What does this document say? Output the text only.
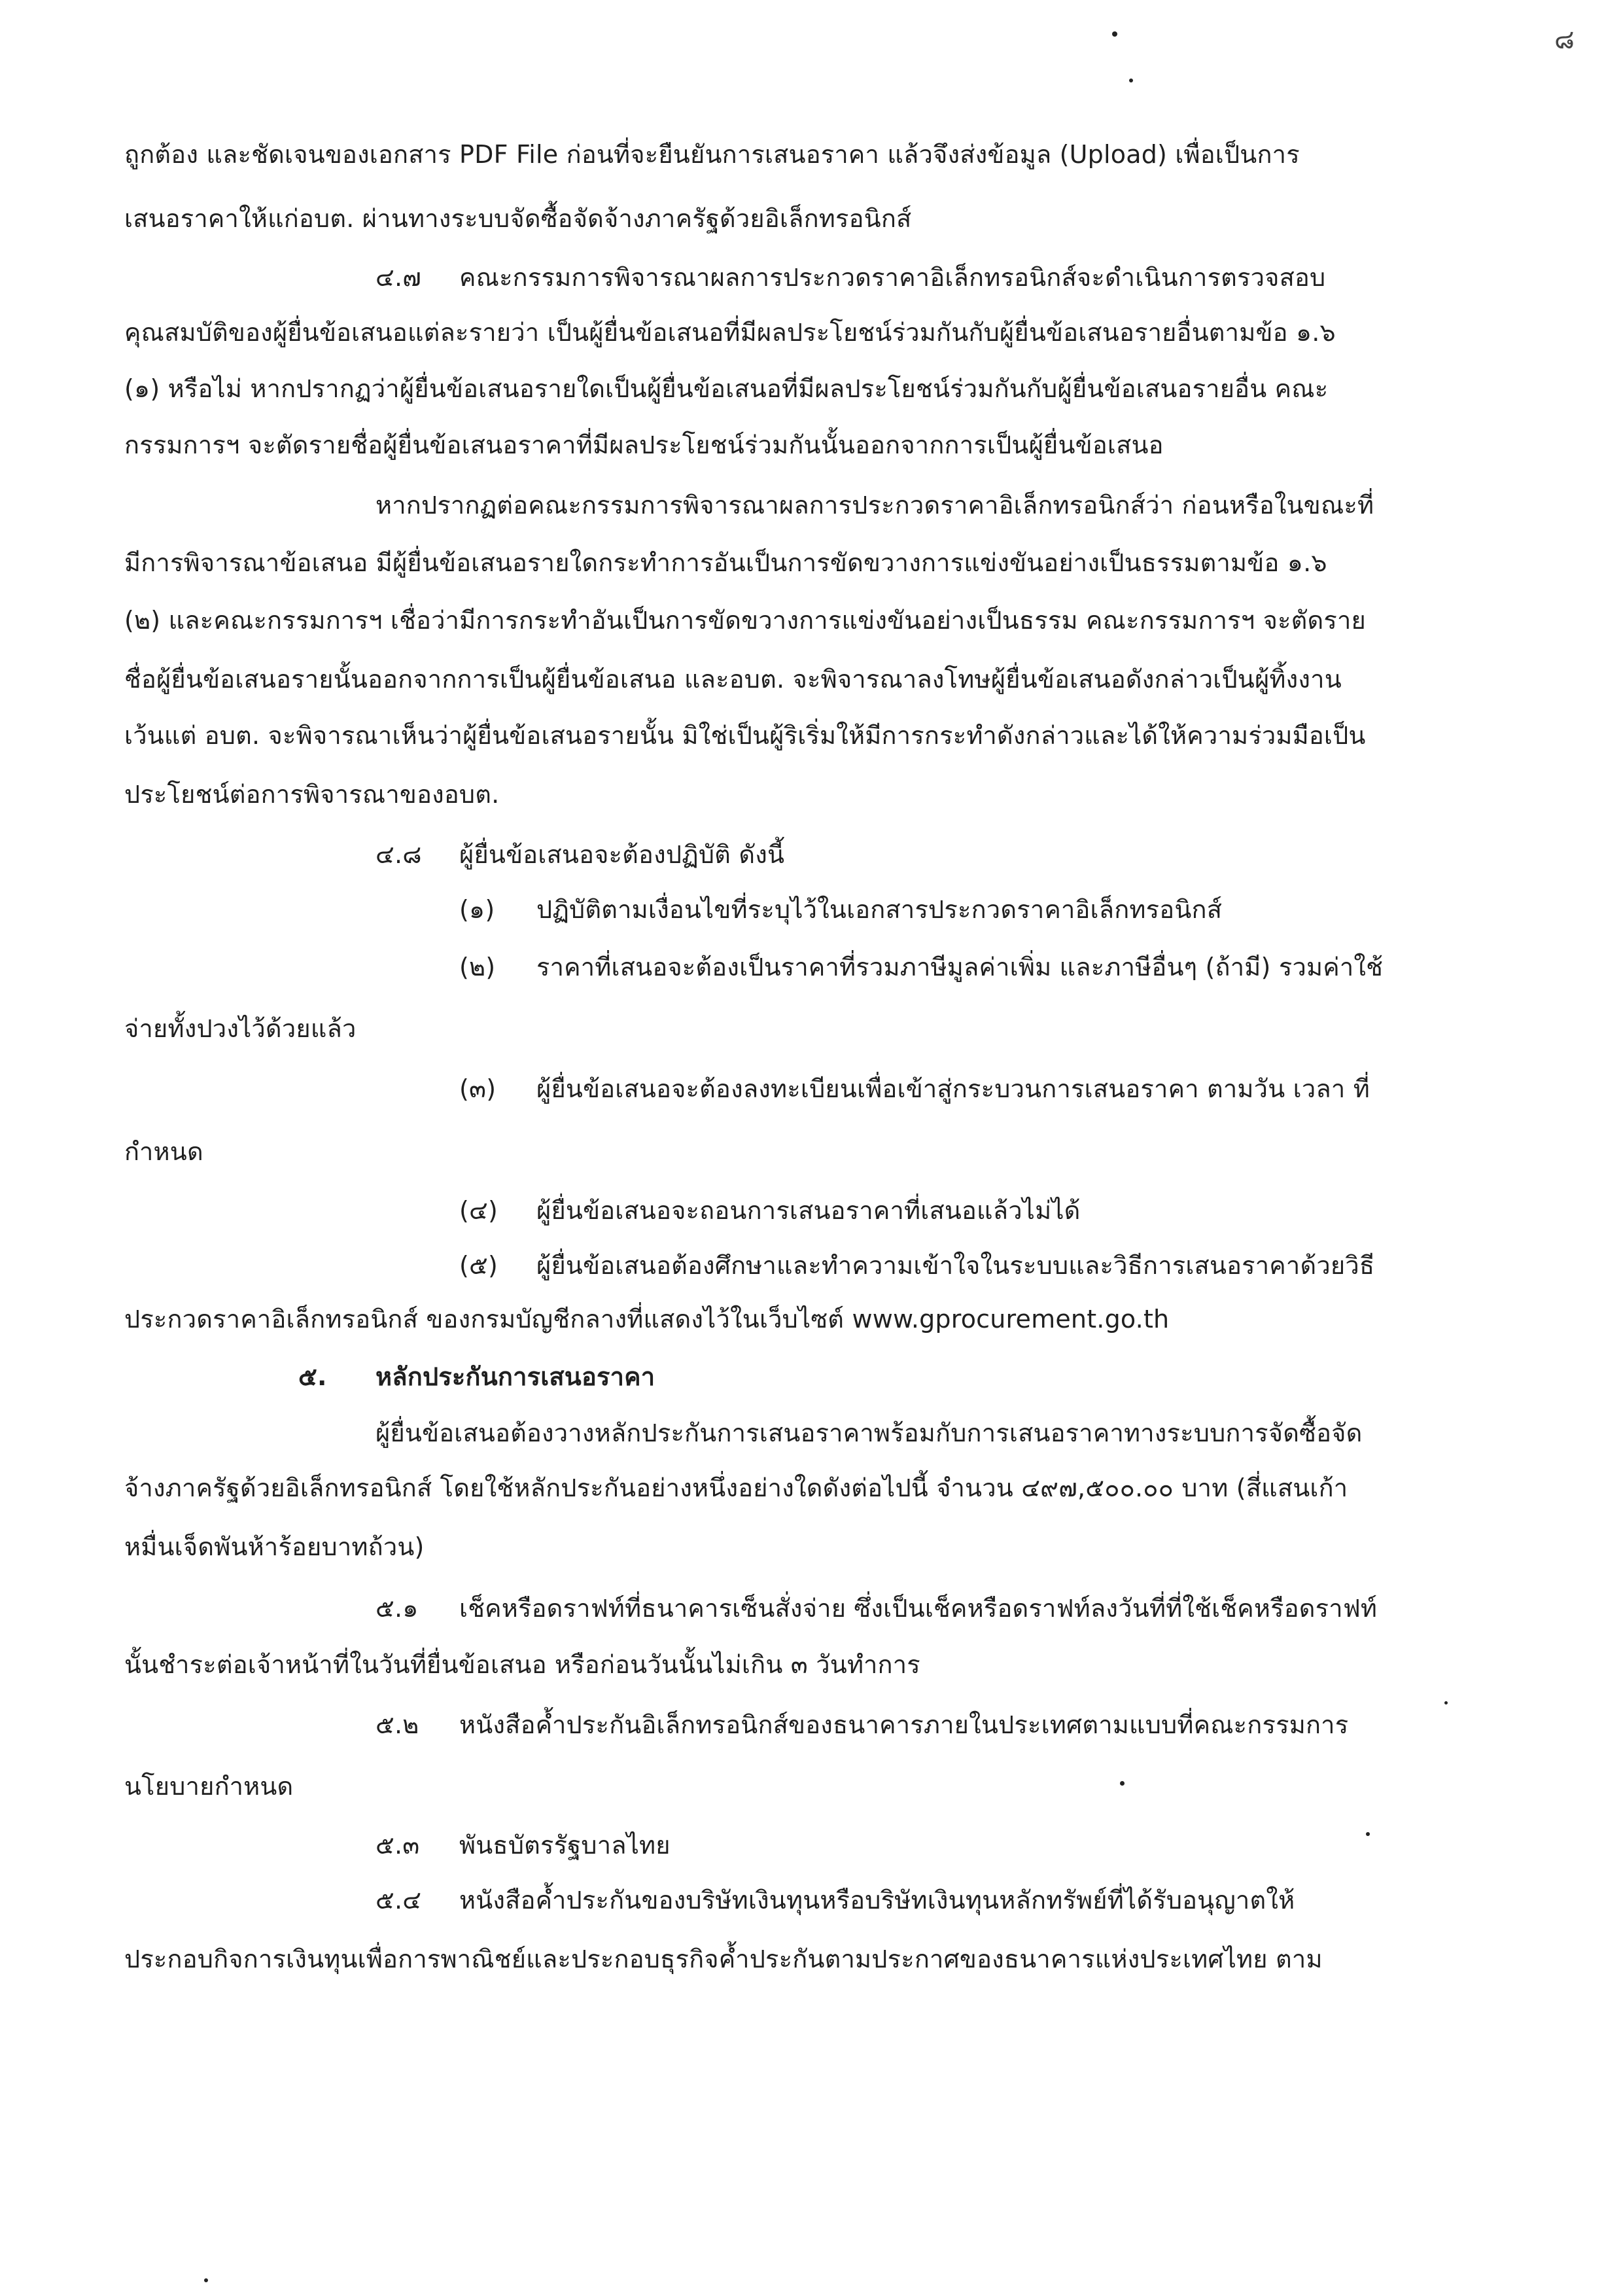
๘
ถูกต้อง และชัดเจนของเอกสาร PDF File ก่อนที่จะยืนยันการเสนอราคา แล้วจึงส่งข้อมูล (Upload) เพื่อเป็นการ
เสนอราคาให้แก่อบต. ผ่านทางระบบจัดซื้อจัดจ้างภาครัฐด้วยอิเล็กทรอนิกส์
๔.๗ คณะกรรมการพิจารณาผลการประกวดราคาอิเล็กทรอนิกส์จะดำเนินการตรวจสอบ
คุณสมบัติของผู้ยื่นข้อเสนอแต่ละรายว่า เป็นผู้ยื่นข้อเสนอที่มีผลประโยชน์ร่วมกันกับผู้ยื่นข้อเสนอรายอื่นตามข้อ ๑.๖
(๑) หรือไม่ หากปรากฏว่าผู้ยื่นข้อเสนอรายใดเป็นผู้ยื่นข้อเสนอที่มีผลประโยชน์ร่วมกันกับผู้ยื่นข้อเสนอรายอื่น คณะ
กรรมการฯ จะตัดรายชื่อผู้ยื่นข้อเสนอราคาที่มีผลประโยชน์ร่วมกันนั้นออกจากการเป็นผู้ยื่นข้อเสนอ
หากปรากฏต่อคณะกรรมการพิจารณาผลการประกวดราคาอิเล็กทรอนิกส์ว่า ก่อนหรือในขณะที่
มีการพิจารณาข้อเสนอ มีผู้ยื่นข้อเสนอรายใดกระทำการอันเป็นการขัดขวางการแข่งขันอย่างเป็นธรรมตามข้อ ๑.๖
(๒) และคณะกรรมการฯ เชื่อว่ามีการกระทำอันเป็นการขัดขวางการแข่งขันอย่างเป็นธรรม คณะกรรมการฯ จะตัดราย
ชื่อผู้ยื่นข้อเสนอรายนั้นออกจากการเป็นผู้ยื่นข้อเสนอ และอบต. จะพิจารณาลงโทษผู้ยื่นข้อเสนอดังกล่าวเป็นผู้ทิ้งงาน
เว้นแต่ อบต. จะพิจารณาเห็นว่าผู้ยื่นข้อเสนอรายนั้น มิใช่เป็นผู้ริเริ่มให้มีการกระทำดังกล่าวและได้ให้ความร่วมมือเป็น
ประโยชน์ต่อการพิจารณาของอบต.
๔.๘ ผู้ยื่นข้อเสนอจะต้องปฏิบัติ ดังนี้
(๑) ปฏิบัติตามเงื่อนไขที่ระบุไว้ในเอกสารประกวดราคาอิเล็กทรอนิกส์
(๒) ราคาที่เสนอจะต้องเป็นราคาที่รวมภาษีมูลค่าเพิ่ม และภาษีอื่นๆ (ถ้ามี) รวมค่าใช้
จ่ายทั้งปวงไว้ด้วยแล้ว
(๓) ผู้ยื่นข้อเสนอจะต้องลงทะเบียนเพื่อเข้าสู่กระบวนการเสนอราคา ตามวัน เวลา ที่
กำหนด
(๔) ผู้ยื่นข้อเสนอจะถอนการเสนอราคาที่เสนอแล้วไม่ได้
(๕) ผู้ยื่นข้อเสนอต้องศึกษาและทำความเข้าใจในระบบและวิธีการเสนอราคาด้วยวิธี
ประกวดราคาอิเล็กทรอนิกส์ ของกรมบัญชีกลางที่แสดงไว้ในเว็บไซต์ www.gprocurement.go.th
๕. หลักประกันการเสนอราคา
ผู้ยื่นข้อเสนอต้องวางหลักประกันการเสนอราคาพร้อมกับการเสนอราคาทางระบบการจัดซื้อจัด
จ้างภาครัฐด้วยอิเล็กทรอนิกส์ โดยใช้หลักประกันอย่างหนึ่งอย่างใดดังต่อไปนี้ จำนวน ๔๙๗,๕๐๐.๐๐ บาท (สี่แสนเก้า
หมื่นเจ็ดพันห้าร้อยบาทถ้วน)
๕.๑ เช็คหรือดราฟท์ที่ธนาคารเซ็นสั่งจ่าย ซึ่งเป็นเช็คหรือดราฟท์ลงวันที่ที่ใช้เช็คหรือดราฟท์
นั้นชำระต่อเจ้าหน้าที่ในวันที่ยื่นข้อเสนอ หรือก่อนวันนั้นไม่เกิน ๓ วันทำการ
๕.๒ หนังสือค้ำประกันอิเล็กทรอนิกส์ของธนาคารภายในประเทศตามแบบที่คณะกรรมการ
นโยบายกำหนด
๕.๓ พันธบัตรรัฐบาลไทย
๕.๔ หนังสือค้ำประกันของบริษัทเงินทุนหรือบริษัทเงินทุนหลักทรัพย์ที่ได้รับอนุญาตให้
ประกอบกิจการเงินทุนเพื่อการพาณิชย์และประกอบธุรกิจค้ำประกันตามประกาศของธนาคารแห่งประเทศไทย ตาม
